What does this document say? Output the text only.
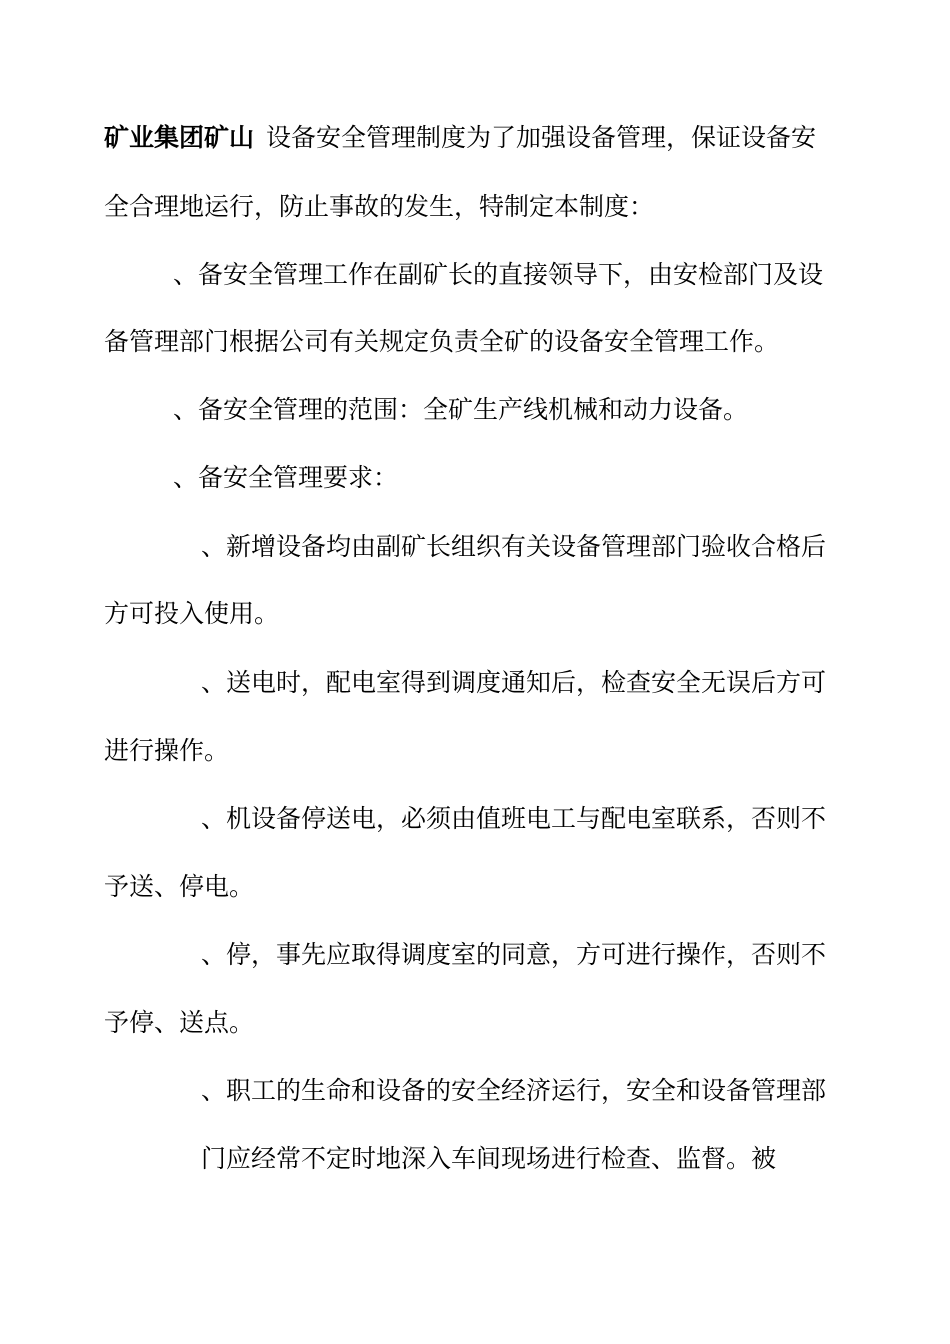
矿业集团矿山 设备安全管理制度为了加强设备管理，保证设备安
全合理地运行，防止事故的发生，特制定本制度：
、备安全管理工作在副矿长的直接领导下，由安检部门及设
备管理部门根据公司有关规定负责全矿的设备安全管理工作。
、备安全管理的范围：全矿生产线机械和动力设备。
、备安全管理要求：
、新增设备均由副矿长组织有关设备管理部门验收合格后
方可投入使用。
、送电时，配电室得到调度通知后，检查安全无误后方可
进行操作。
、机设备停送电，必须由值班电工与配电室联系，否则不
予送、停电。
、停，事先应取得调度室的同意，方可进行操作，否则不
予停、送点。
、职工的生命和设备的安全经济运行，安全和设备管理部
门应经常不定时地深入车间现场进行检查、监督。被
